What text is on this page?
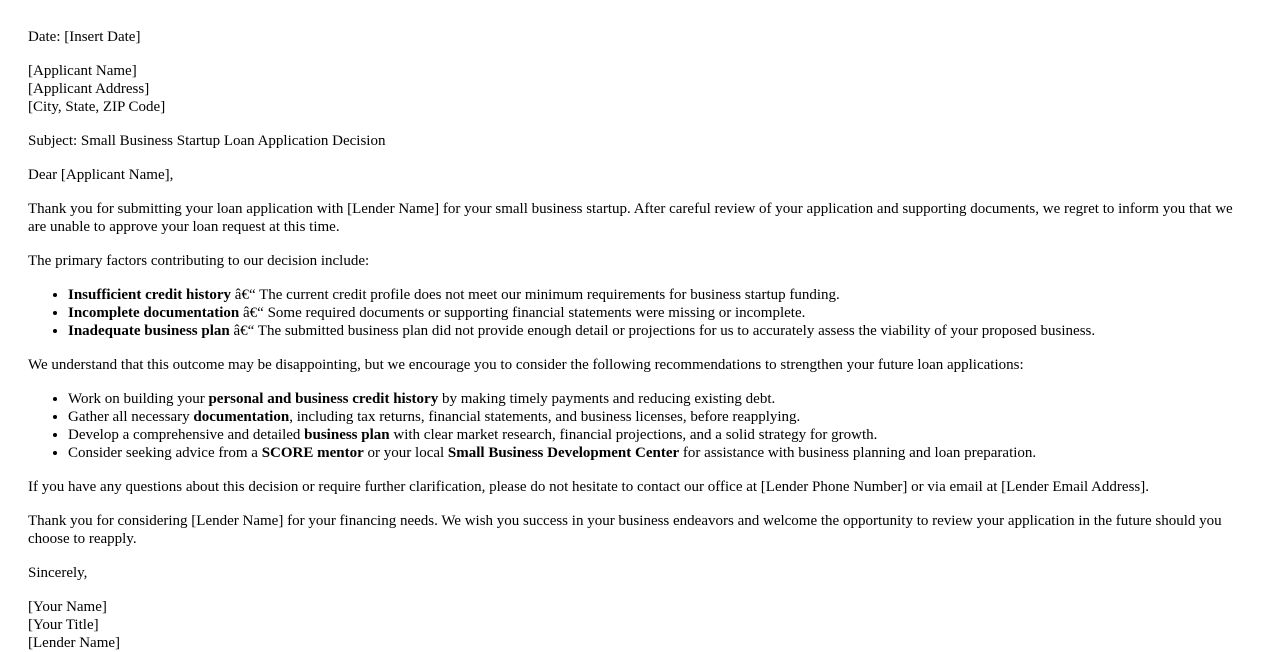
Date: [Insert Date]

[Applicant Name]
[Applicant Address]
[City, State, ZIP Code]

Subject: Small Business Startup Loan Application Decision

Dear [Applicant Name],

Thank you for submitting your loan application with [Lender Name] for your small business startup. After careful review of your application and supporting documents, we regret to inform you that we are unable to approve your loan request at this time.

The primary factors contributing to our decision include:

• Insufficient credit history â€“ The current credit profile does not meet our minimum requirements for business startup funding.
• Incomplete documentation â€“ Some required documents or supporting financial statements were missing or incomplete.
• Inadequate business plan â€“ The submitted business plan did not provide enough detail or projections for us to accurately assess the viability of your proposed business.

We understand that this outcome may be disappointing, but we encourage you to consider the following recommendations to strengthen your future loan applications:

• Work on building your personal and business credit history by making timely payments and reducing existing debt.
• Gather all necessary documentation, including tax returns, financial statements, and business licenses, before reapplying.
• Develop a comprehensive and detailed business plan with clear market research, financial projections, and a solid strategy for growth.
• Consider seeking advice from a SCORE mentor or your local Small Business Development Center for assistance with business planning and loan preparation.

If you have any questions about this decision or require further clarification, please do not hesitate to contact our office at [Lender Phone Number] or via email at [Lender Email Address].

Thank you for considering [Lender Name] for your financing needs. We wish you success in your business endeavors and welcome the opportunity to review your application in the future should you choose to reapply.

Sincerely,

[Your Name]
[Your Title]
[Lender Name]
